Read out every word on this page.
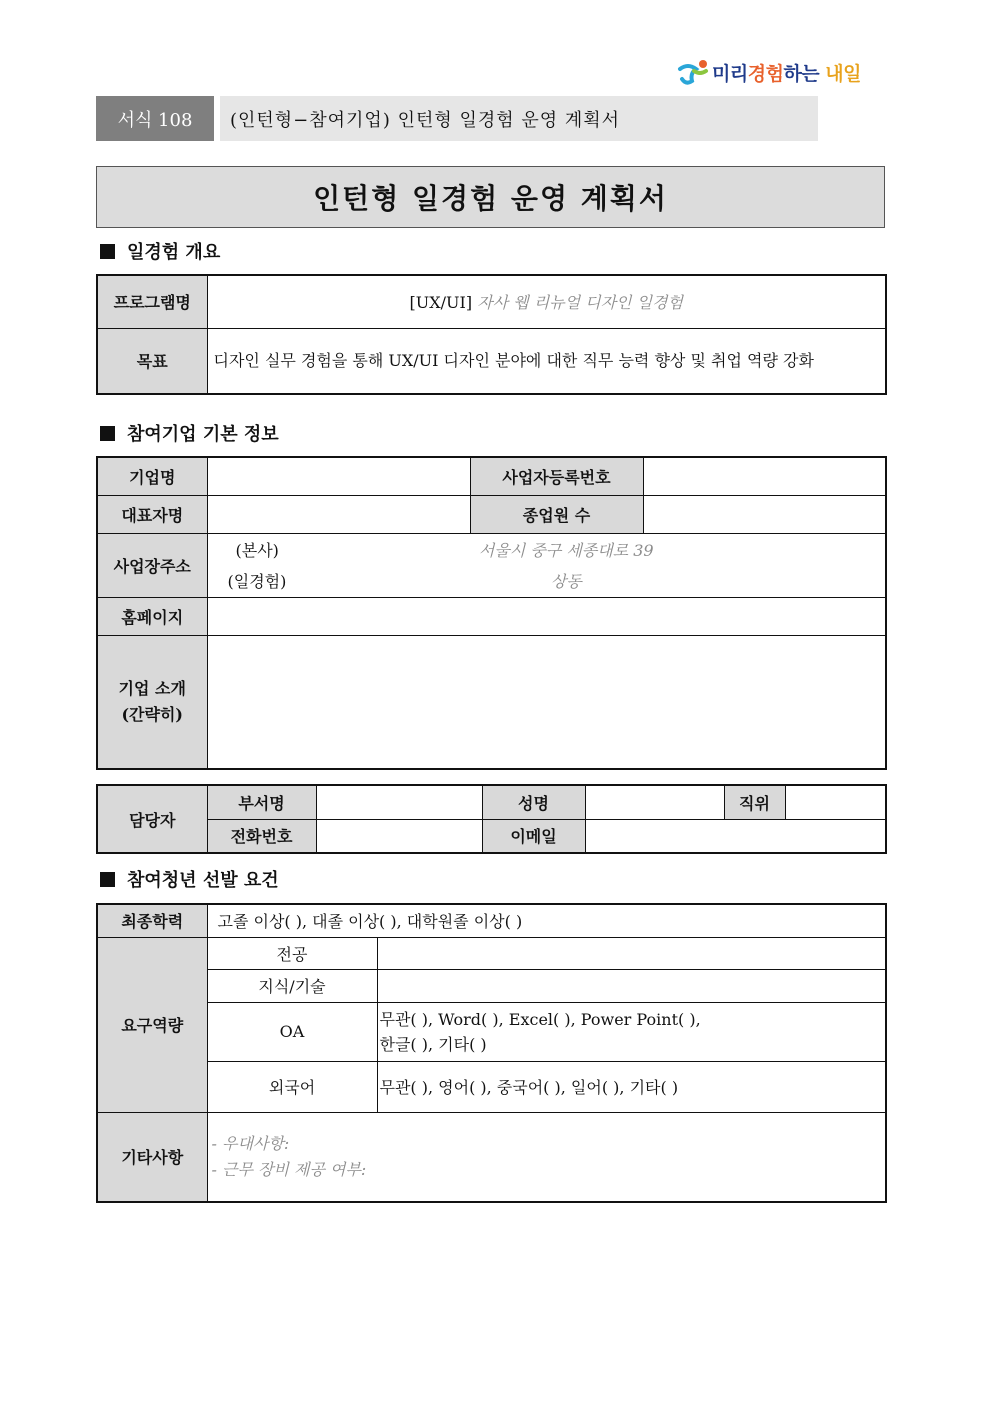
미리경험하는 내일
서식 108	(인턴형−참여기업) 인턴형 일경험 운영 계획서
인턴형 일경험 운영 계획서
일경험 개요
프로그램명	[UX/UI] 자사 웹 리뉴얼 디자인 일경험
목표	디자인 실무 경험을 통해 UX/UI 디자인 분야에 대한 직무 능력 향상 및 취업 역량 강화
참여기업 기본 정보
기업명		사업자등록번호	
대표자명		종업원 수	
사업장주소	(본사) 서울시 중구 세종대로 39
(일경험) 상동		

홈페이지			

기업 소개
(간략히)			

담당자	부서명		성명		직위	
	전화번호		이메일			
참여청년 선발 요건
최종학력	고졸 이상( ), 대졸 이상( ), 대학원졸 이상( )	
요구역량	전공	
	지식/기술	
	OA	무관( ), Word( ), Excel( ), Power Point( ),
한글( ), 기타( )

	외국어	무관( ), 영어( ), 중국어( ), 일어( ), 기타( )
기타사항	- 우대사항:
- 근무 장비 제공 여부:	
